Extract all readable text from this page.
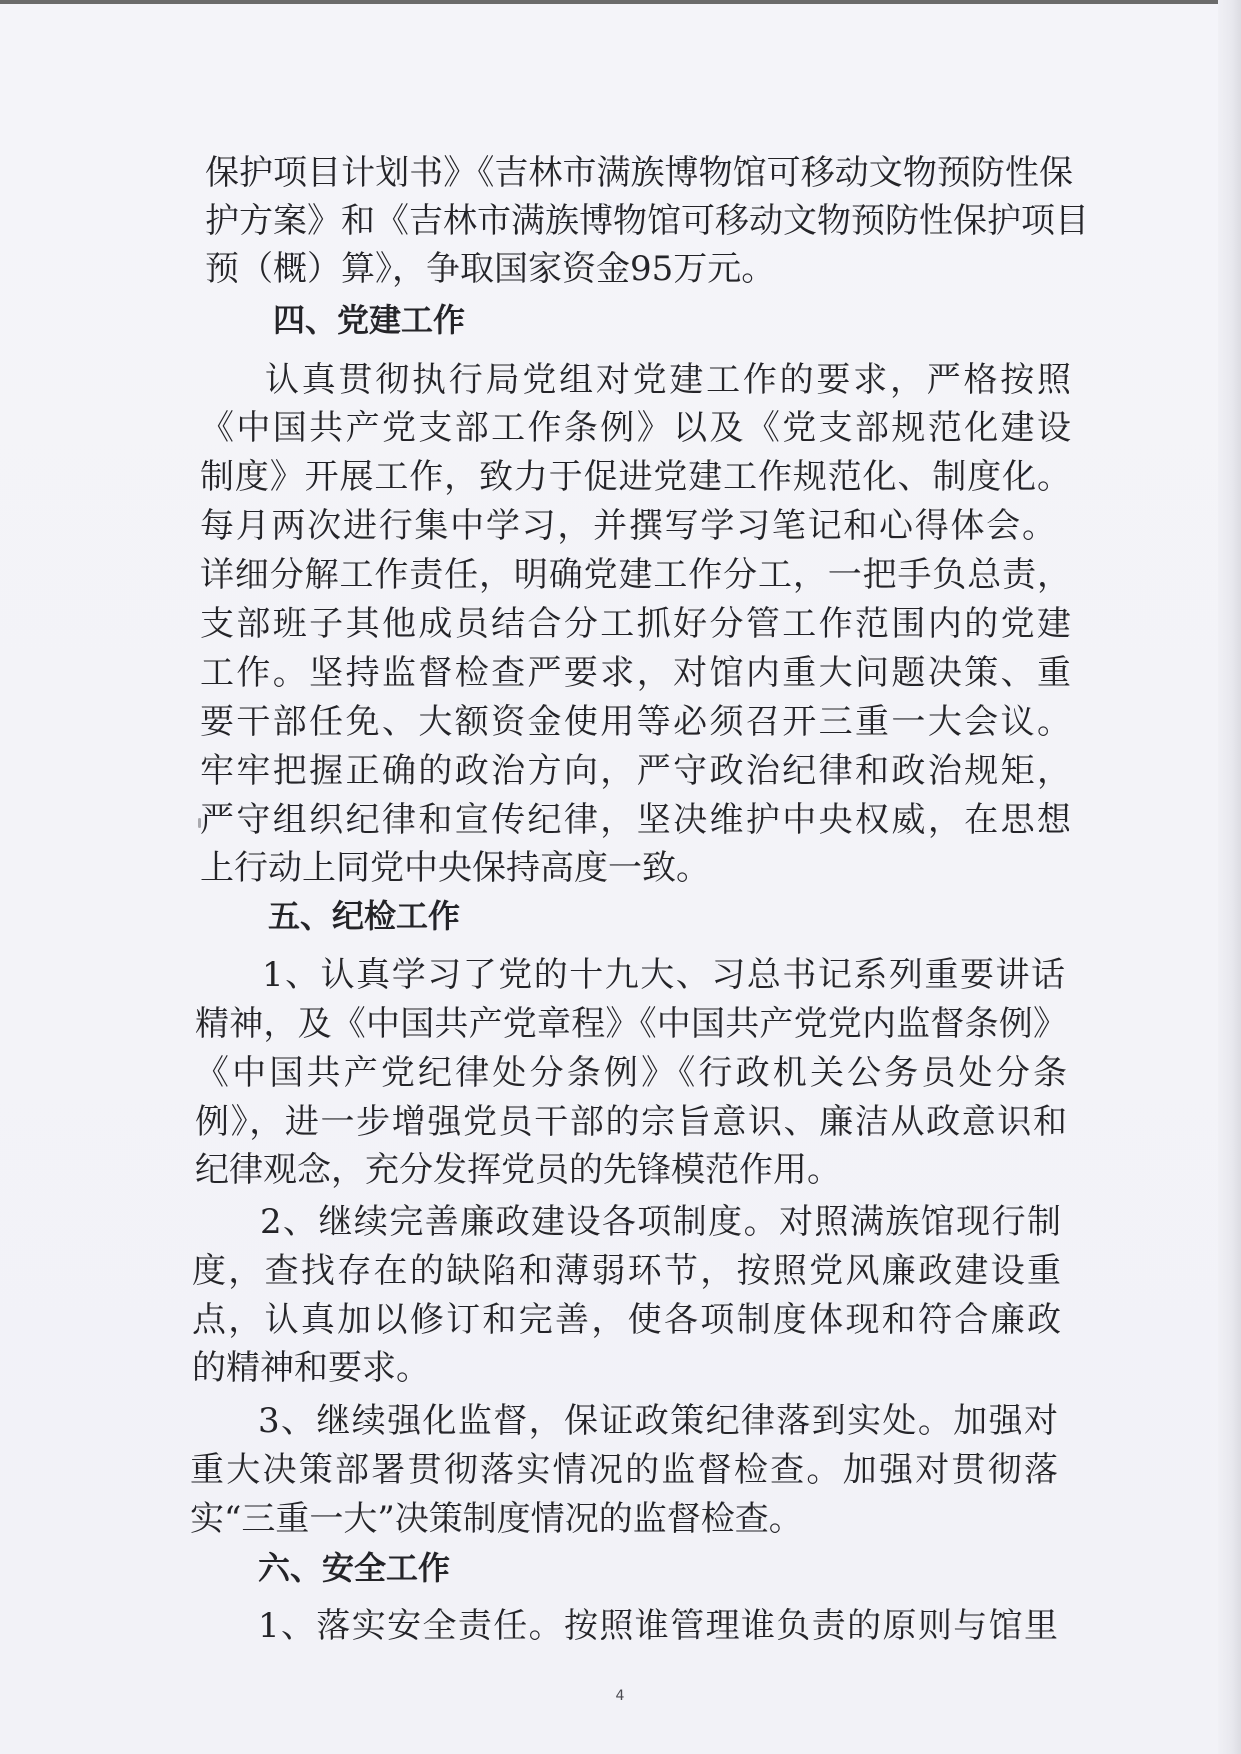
保护项目计划书》《吉林市满族博物馆可移动文物预防性保
护方案》和《吉林市满族博物馆可移动文物预防性保护项目
预（概）算》，争取国家资金95万元。
四、党建工作
认真贯彻执行局党组对党建工作的要求，严格按照
《中国共产党支部工作条例》以及《党支部规范化建设
制度》开展工作，致力于促进党建工作规范化、制度化。
每月两次进行集中学习，并撰写学习笔记和心得体会。
详细分解工作责任，明确党建工作分工，一把手负总责，
支部班子其他成员结合分工抓好分管工作范围内的党建
工作。坚持监督检查严要求，对馆内重大问题决策、重
要干部任免、大额资金使用等必须召开三重一大会议。
牢牢把握正确的政治方向，严守政治纪律和政治规矩，
严守组织纪律和宣传纪律，坚决维护中央权威，在思想
上行动上同党中央保持高度一致。
五、纪检工作
1、认真学习了党的十九大、习总书记系列重要讲话
精神，及《中国共产党章程》《中国共产党党内监督条例》
《中国共产党纪律处分条例》《行政机关公务员处分条
例》，进一步增强党员干部的宗旨意识、廉洁从政意识和
纪律观念，充分发挥党员的先锋模范作用。
2、继续完善廉政建设各项制度。对照满族馆现行制
度，查找存在的缺陷和薄弱环节，按照党风廉政建设重
点，认真加以修订和完善，使各项制度体现和符合廉政
的精神和要求。
3、继续强化监督，保证政策纪律落到实处。加强对
重大决策部署贯彻落实情况的监督检查。加强对贯彻落
实“三重一大”决策制度情况的监督检查。
六、安全工作
1、落实安全责任。按照谁管理谁负责的原则与馆里
4
